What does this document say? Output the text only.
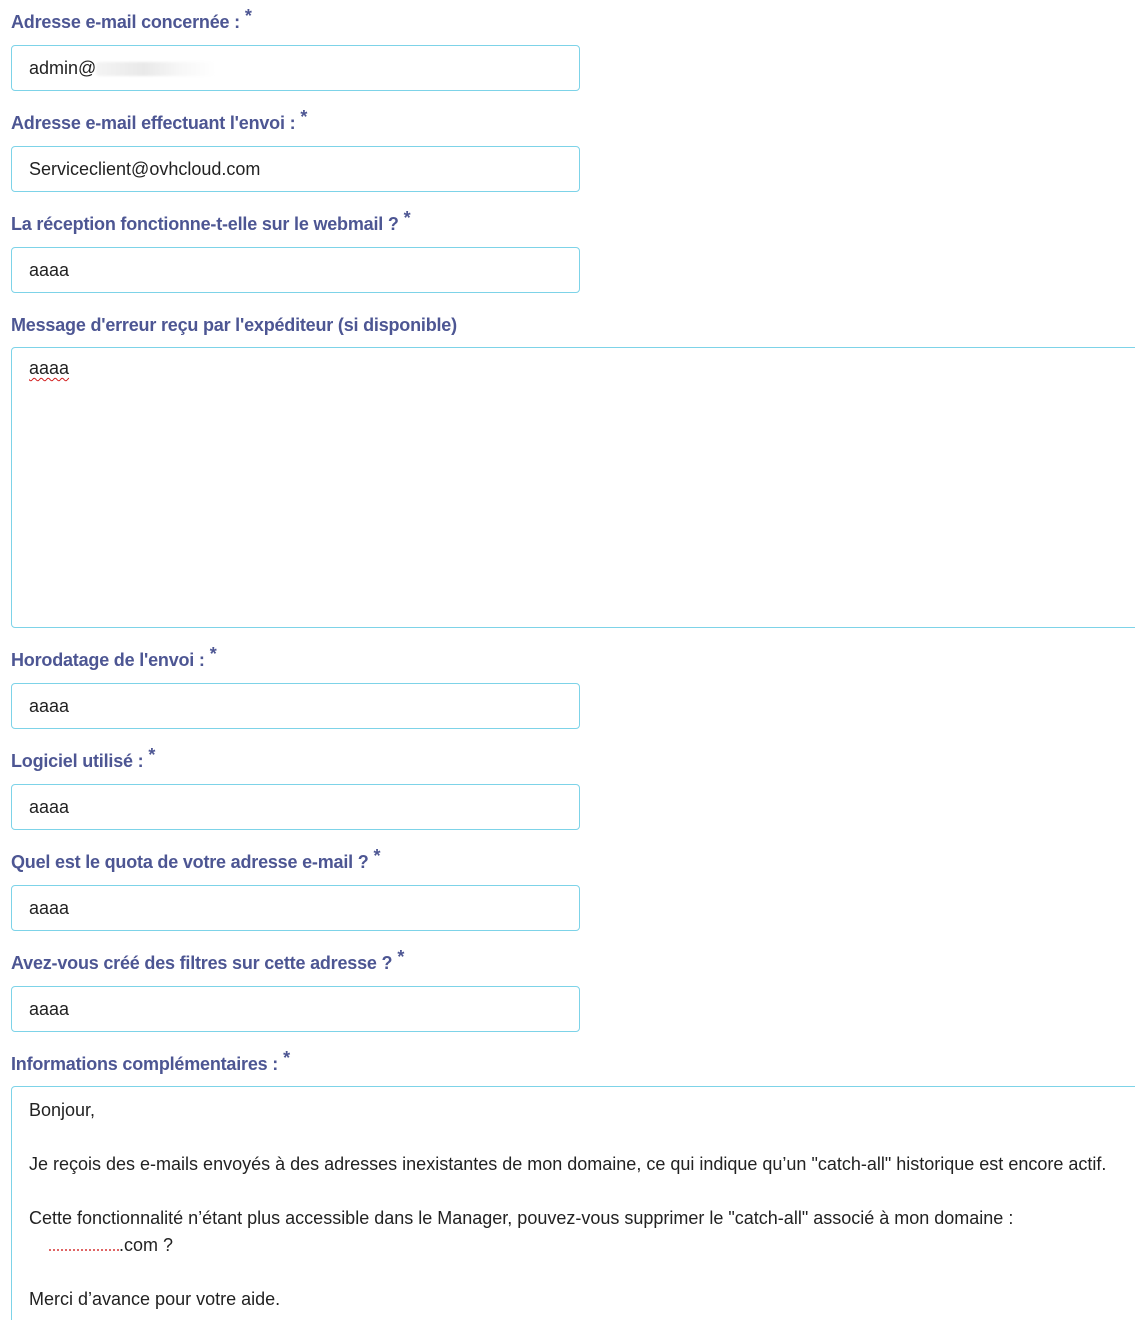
Adresse e-mail concernée : *
admin@
Adresse e-mail effectuant l'envoi : *
Serviceclient@ovhcloud.com
La réception fonctionne-t-elle sur le webmail ? *
aaaa
Message d'erreur reçu par l'expéditeur (si disponible)
aaaa
Horodatage de l'envoi : *
aaaa
Logiciel utilisé : *
aaaa
Quel est le quota de votre adresse e-mail ? *
aaaa
Avez-vous créé des filtres sur cette adresse ? *
aaaa
Informations complémentaires : *

Bonjour,

Je reçois des e-mails envoyés à des adresses inexistantes de mon domaine, ce qui indique qu’un "catch-all" historique est encore actif.

Cette fonctionnalité n’étant plus accessible dans le Manager, pouvez-vous supprimer le "catch-all" associé à mon domaine :

.com ?

Merci d’avance pour votre aide.
